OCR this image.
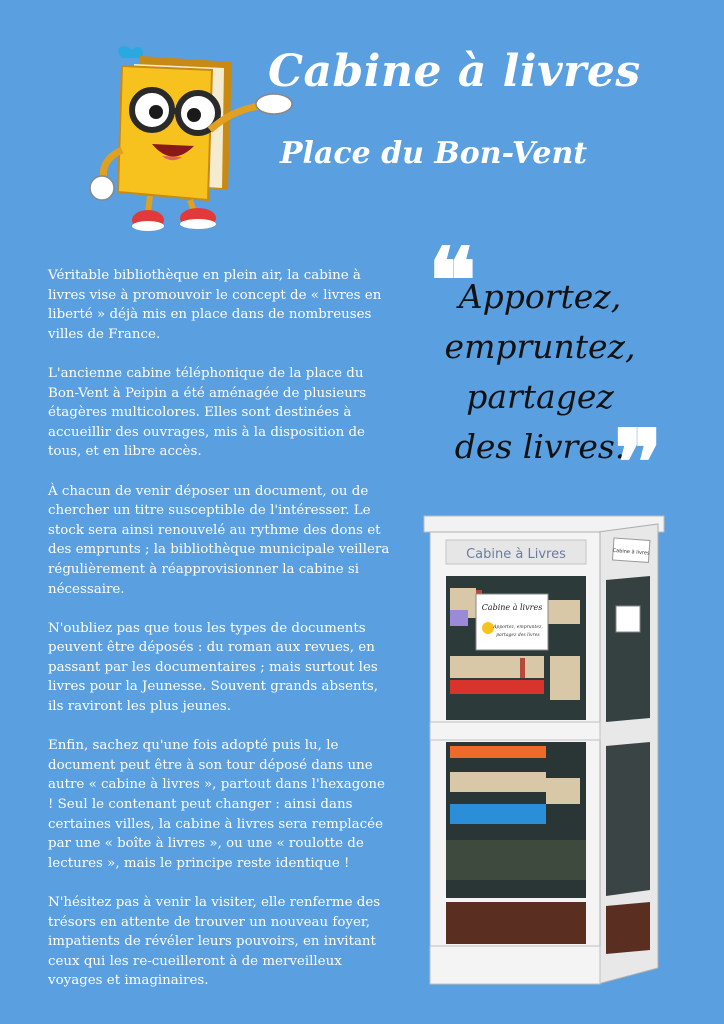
Cabine à livres
Place du Bon-Vent

Véritable bibliothèque en plein air, la cabine à livres vise à promouvoir le concept de « livres en liberté » déjà mis en place dans de nombreuses villes de France.

L'ancienne cabine téléphonique de la place du Bon-Vent à Peipin a été aménagée de plusieurs étagères multicolores. Elles sont destinées à accueillir des ouvrages, mis à la disposition de tous, et en libre accès.

À chacun de venir déposer un document, ou de chercher un titre susceptible de l'intéresser. Le stock sera ainsi renouvelé au rythme des dons et des emprunts ; la bibliothèque municipale veillera régulièrement à réapprovisionner la cabine si nécessaire.

N'oubliez pas que tous les types de documents peuvent être déposés : du roman aux revues, en passant par les documentaires ; mais surtout les livres pour la Jeunesse. Souvent grands absents, ils raviront les plus jeunes.

Enfin, sachez qu'une fois adopté puis lu, le document peut être à son tour déposé dans une autre « cabine à livres », partout dans l'hexagone ! Seul le contenant peut changer : ainsi dans certaines villes, la cabine à livres sera remplacée par une « boîte à livres », ou une « roulotte de lectures », mais le principe reste identique !

N'hésitez pas à venir la visiter, elle renferme des trésors en attente de trouver un nouveau foyer, impatients de révéler leurs pouvoirs, en invitant ceux qui les re-cueilleront à de merveilleux voyages et imaginaires.

❝
Apportez,
empruntez,
partagez
des livres.
❞
Cabine à Livres	Cabine à livres
Cabine à livres
Apportez, empruntez,
partagez des livres
